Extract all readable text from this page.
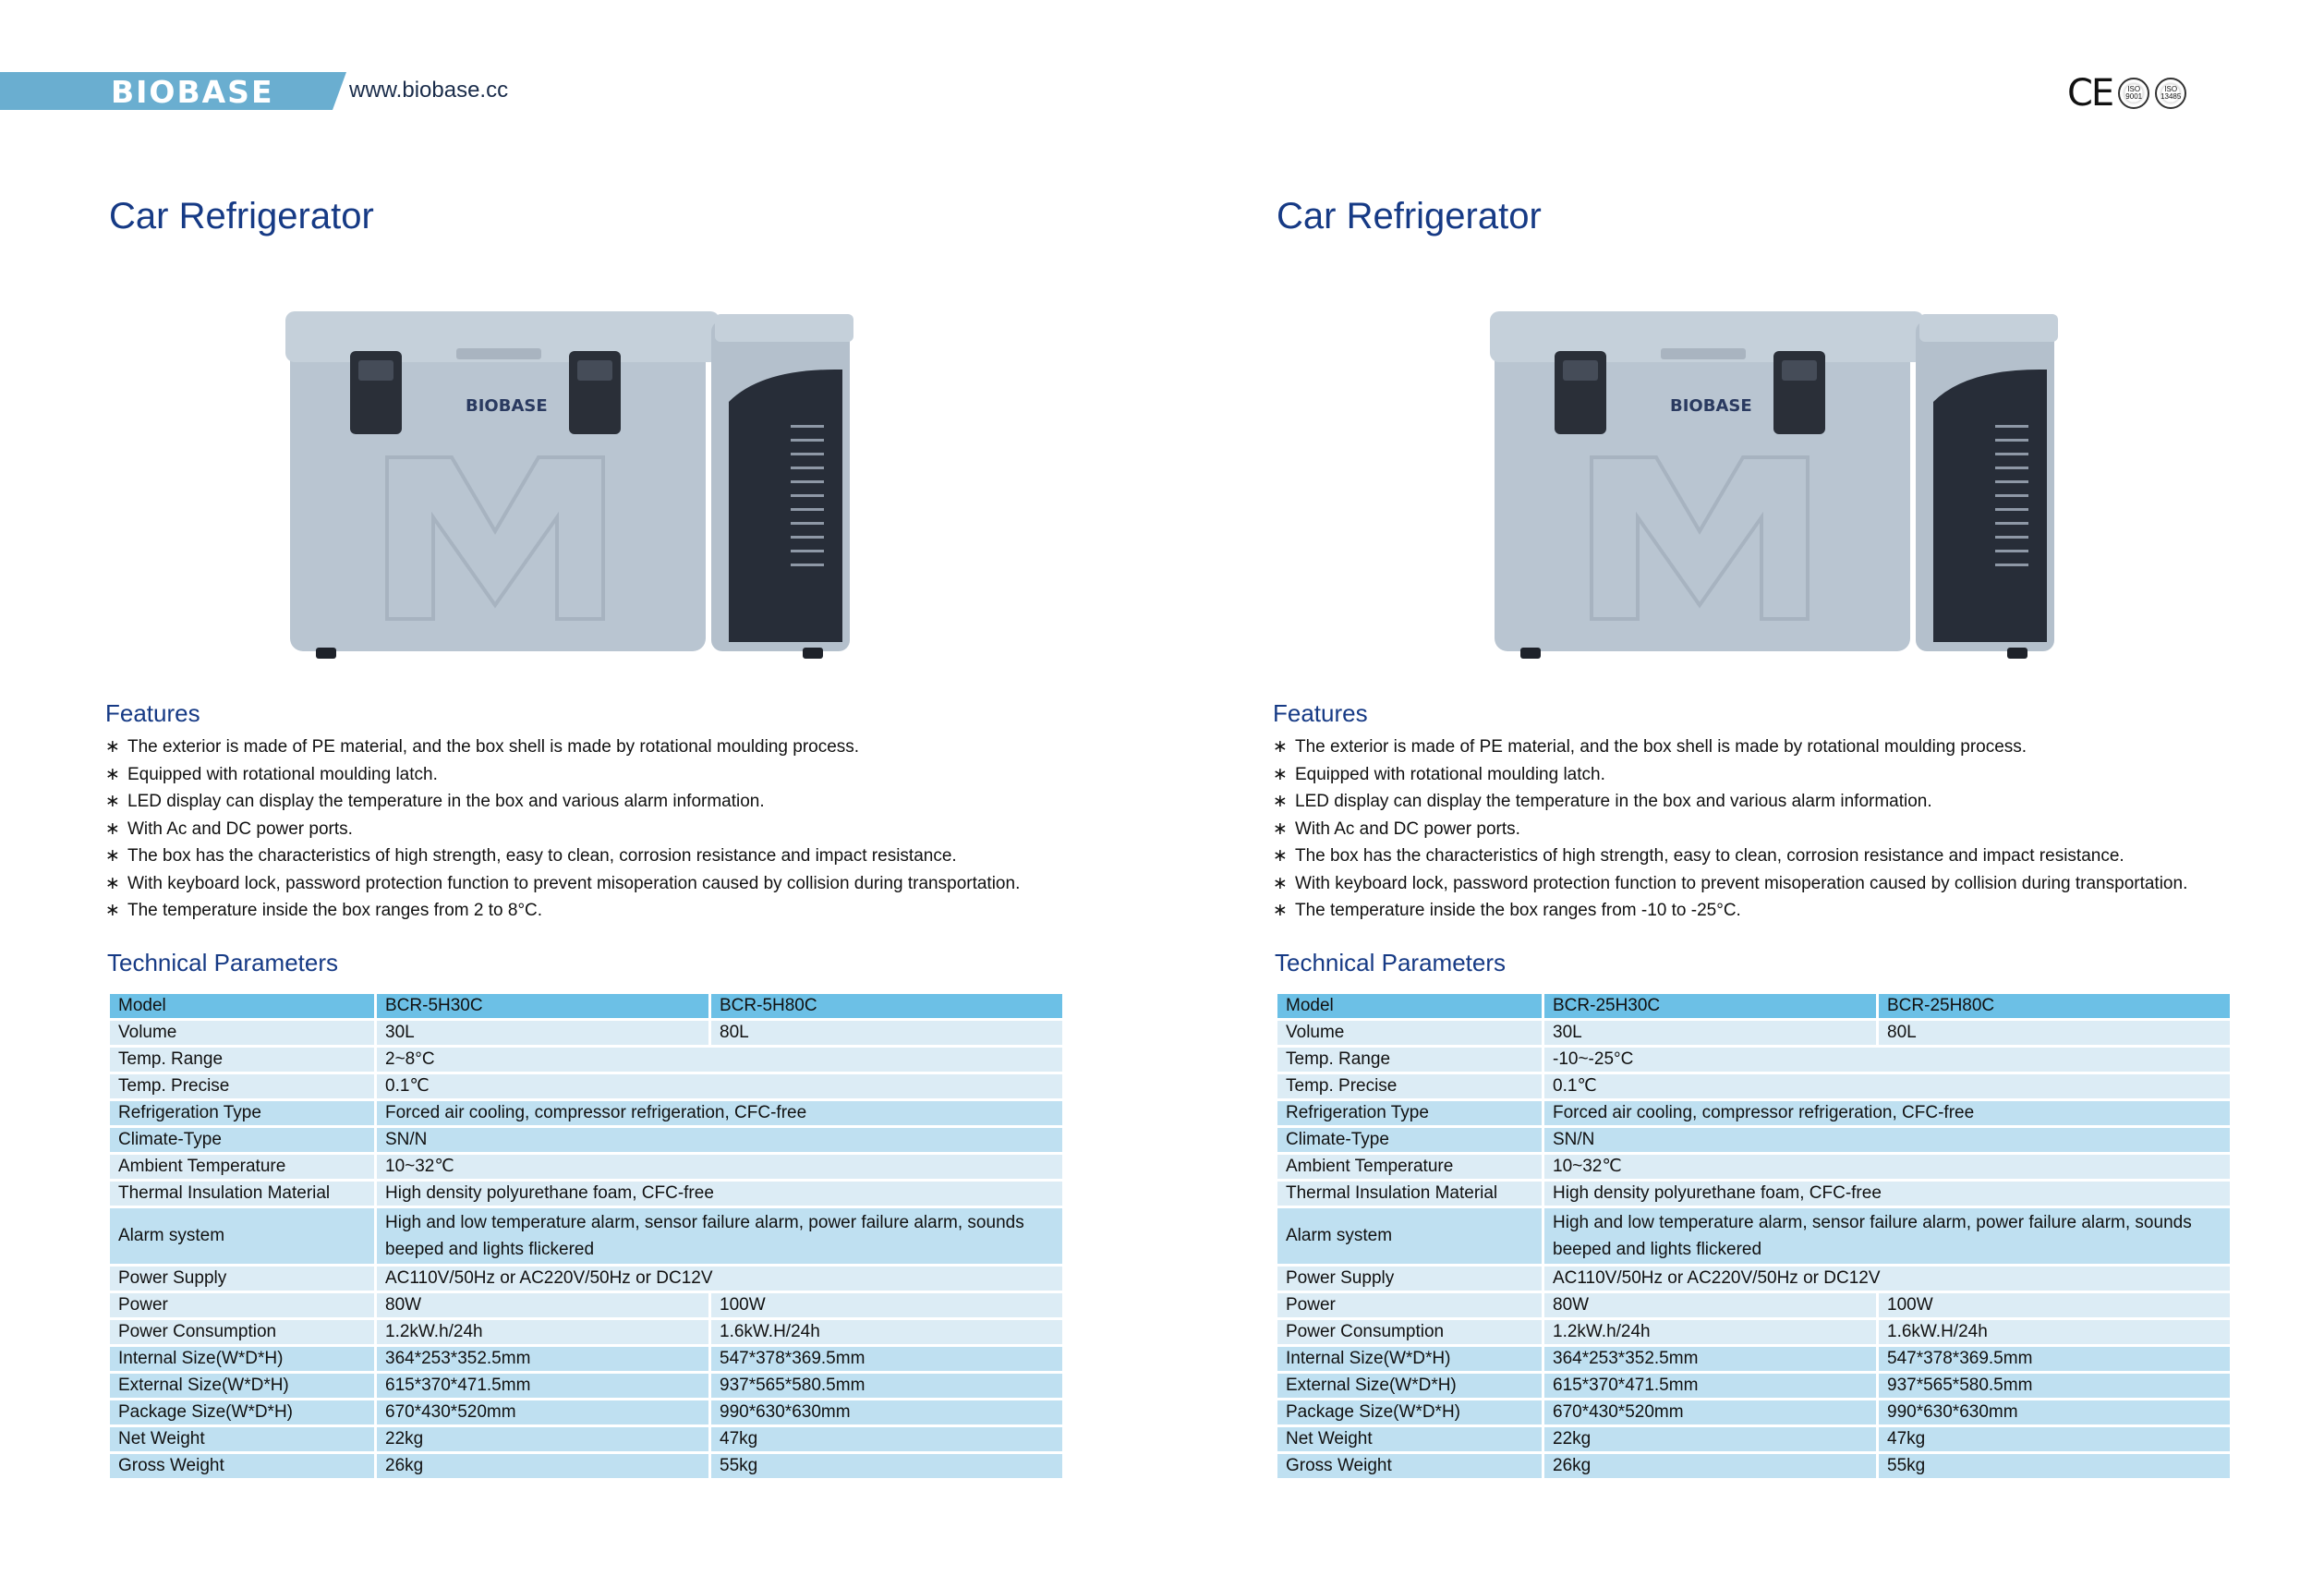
BIOBASE	www.biobase.cc	CE ISO
9001
ISO
13485
Car Refrigerator
BIOBASE
Features
∗ The exterior is made of PE material, and the box shell is made by rotational moulding process.
∗ Equipped with rotational moulding latch.
∗ LED display can display the temperature in the box and various alarm information.
∗ With Ac and DC power ports.
∗ The box has the characteristics of high strength, easy to clean, corrosion resistance and impact resistance.
∗ With keyboard lock, password protection function to prevent misoperation caused by collision during transportation.
∗ The temperature inside the box ranges from 2 to 8°C.
Technical Parameters
Model	BCR-5H30C	BCR-5H80C
Volume	30L	80L
Temp. Range	2~8°C	
Temp. Precise	0.1℃	
Refrigeration Type	Forced air cooling, compressor refrigeration, CFC-free	
Climate-Type	SN/N	
Ambient Temperature	10~32℃	
Thermal Insulation Material	High density polyurethane foam, CFC-free	
Alarm system	High and low temperature alarm, sensor failure alarm, power failure alarm, sounds beeped and lights flickered	
Power Supply	AC110V/50Hz or AC220V/50Hz or DC12V	
Power	80W	100W
Power Consumption	1.2kW.h/24h	1.6kW.H/24h
Internal Size(W*D*H)	364*253*352.5mm	547*378*369.5mm
External Size(W*D*H)	615*370*471.5mm	937*565*580.5mm
Package Size(W*D*H)	670*430*520mm	990*630*630mm
Net Weight	22kg	47kg
Gross Weight	26kg	55kg
Car Refrigerator
BIOBASE
Features
∗ The exterior is made of PE material, and the box shell is made by rotational moulding process.
∗ Equipped with rotational moulding latch.
∗ LED display can display the temperature in the box and various alarm information.
∗ With Ac and DC power ports.
∗ The box has the characteristics of high strength, easy to clean, corrosion resistance and impact resistance.
∗ With keyboard lock, password protection function to prevent misoperation caused by collision during transportation.
∗ The temperature inside the box ranges from -10 to -25°C.
Technical Parameters
Model	BCR-25H30C	BCR-25H80C
Volume	30L	80L
Temp. Range	-10~-25°C	
Temp. Precise	0.1℃	
Refrigeration Type	Forced air cooling, compressor refrigeration, CFC-free	
Climate-Type	SN/N	
Ambient Temperature	10~32℃	
Thermal Insulation Material	High density polyurethane foam, CFC-free	
Alarm system	High and low temperature alarm, sensor failure alarm, power failure alarm, sounds beeped and lights flickered	
Power Supply	AC110V/50Hz or AC220V/50Hz or DC12V	
Power	80W	100W
Power Consumption	1.2kW.h/24h	1.6kW.H/24h
Internal Size(W*D*H)	364*253*352.5mm	547*378*369.5mm
External Size(W*D*H)	615*370*471.5mm	937*565*580.5mm
Package Size(W*D*H)	670*430*520mm	990*630*630mm
Net Weight	22kg	47kg
Gross Weight	26kg	55kg
